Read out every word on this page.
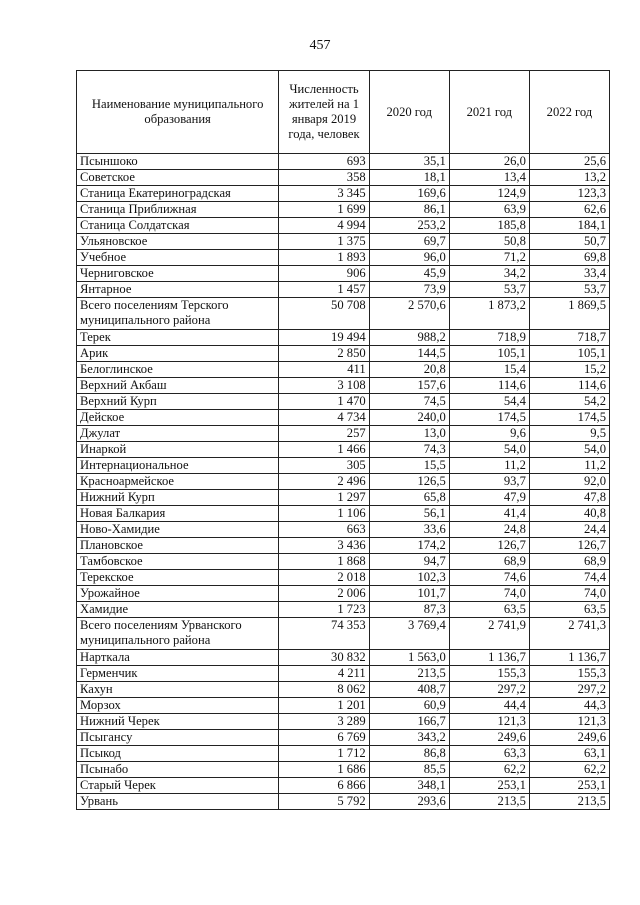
457
Наименование муниципального образования	Численность жителей на 1 января 2019 года, человек	2020 год	2021 год	2022 год
Псыншоко	693	35,1	26,0	25,6
Советское	358	18,1	13,4	13,2
Станица Екатериноградская	3 345	169,6	124,9	123,3
Станица Приближная	1 699	86,1	63,9	62,6
Станица Солдатская	4 994	253,2	185,8	184,1
Ульяновское	1 375	69,7	50,8	50,7
Учебное	1 893	96,0	71,2	69,8
Черниговское	906	45,9	34,2	33,4
Янтарное	1 457	73,9	53,7	53,7
Всего поселениям Терского муниципального района	50 708	2 570,6	1 873,2	1 869,5
Терек	19 494	988,2	718,9	718,7
Арик	2 850	144,5	105,1	105,1
Белоглинское	411	20,8	15,4	15,2
Верхний Акбаш	3 108	157,6	114,6	114,6
Верхний Курп	1 470	74,5	54,4	54,2
Дейское	4 734	240,0	174,5	174,5
Джулат	257	13,0	9,6	9,5
Инаркой	1 466	74,3	54,0	54,0
Интернациональное	305	15,5	11,2	11,2
Красноармейское	2 496	126,5	93,7	92,0
Нижний Курп	1 297	65,8	47,9	47,8
Новая Балкария	1 106	56,1	41,4	40,8
Ново-Хамидие	663	33,6	24,8	24,4
Плановское	3 436	174,2	126,7	126,7
Тамбовское	1 868	94,7	68,9	68,9
Терекское	2 018	102,3	74,6	74,4
Урожайное	2 006	101,7	74,0	74,0
Хамидие	1 723	87,3	63,5	63,5
Всего поселениям Урванского муниципального района	74 353	3 769,4	2 741,9	2 741,3
Нарткала	30 832	1 563,0	1 136,7	1 136,7
Герменчик	4 211	213,5	155,3	155,3
Кахун	8 062	408,7	297,2	297,2
Морзох	1 201	60,9	44,4	44,3
Нижний Черек	3 289	166,7	121,3	121,3
Псыгансу	6 769	343,2	249,6	249,6
Псыкод	1 712	86,8	63,3	63,1
Псынабо	1 686	85,5	62,2	62,2
Старый Черек	6 866	348,1	253,1	253,1
Урвань	5 792	293,6	213,5	213,5
